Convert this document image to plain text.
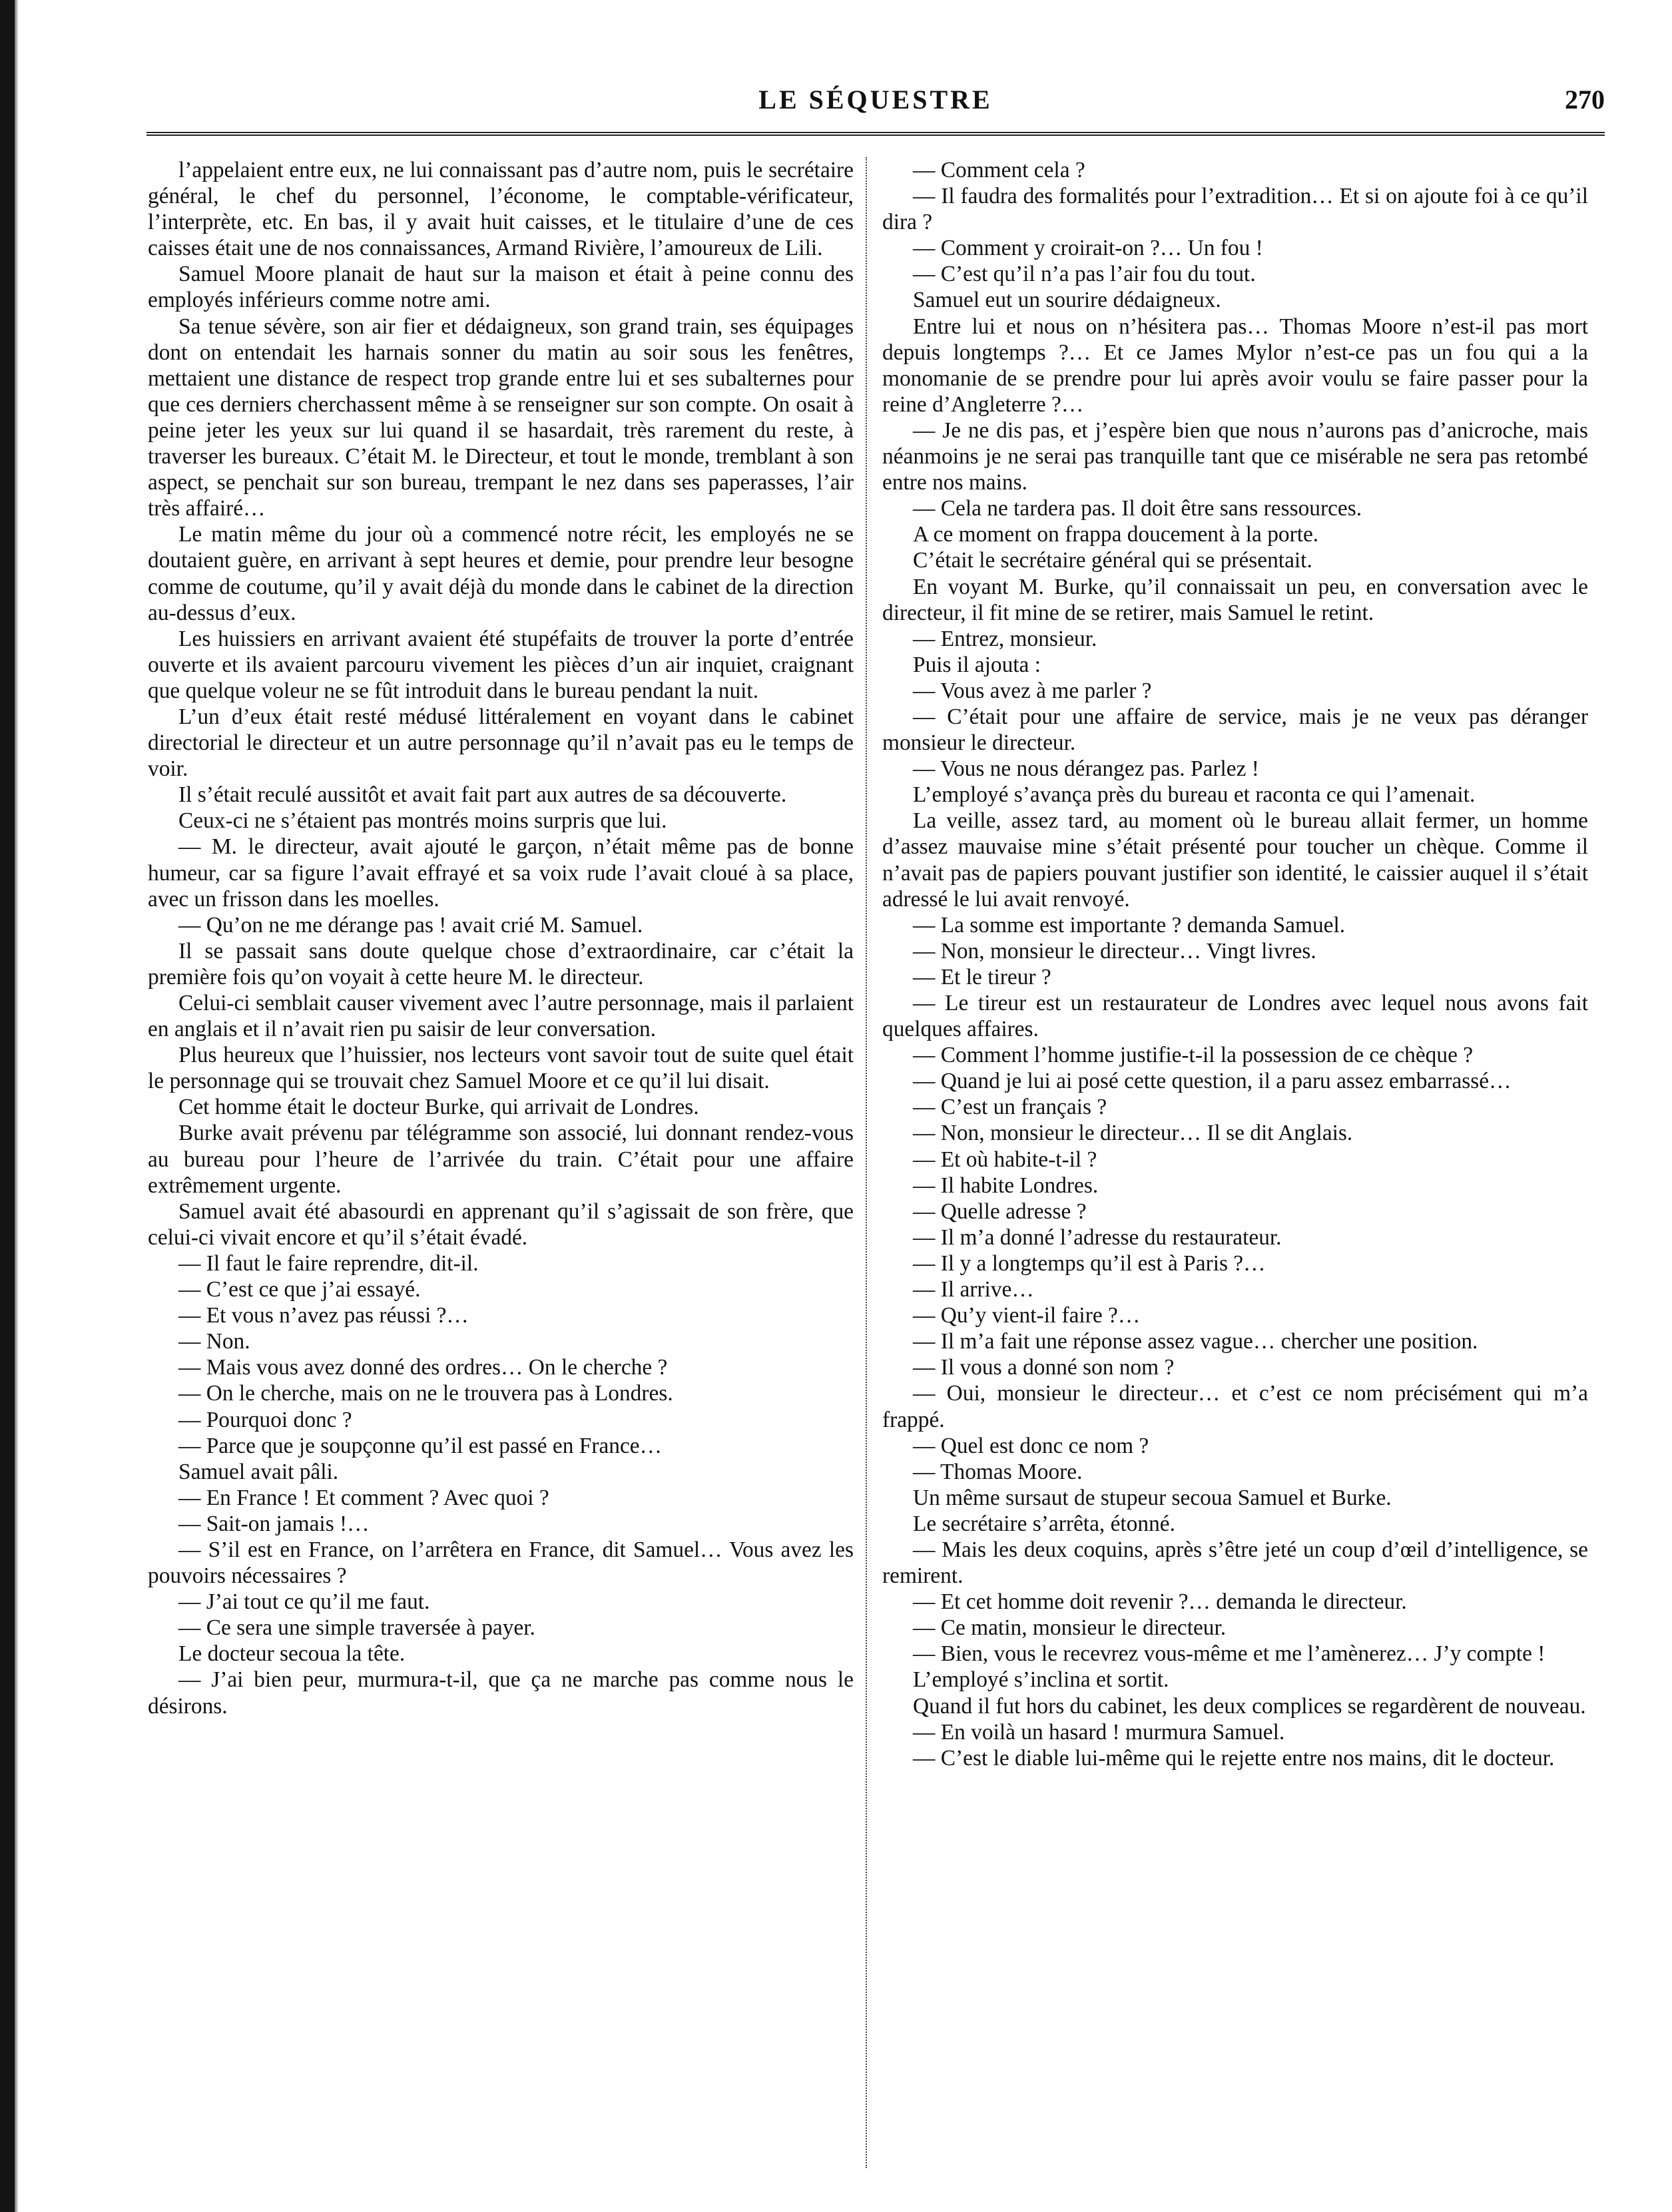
LE SÉQUESTRE	270

l’appelaient entre eux, ne lui connaissant pas d’autre nom, puis le secrétaire général, le chef du personnel, l’économe, le comptable-vérificateur, l’interprète, etc. En bas, il y avait huit caisses, et le titulaire d’une de ces caisses était une de nos connaissances, Armand Rivière, l’amoureux de Lili.

Samuel Moore planait de haut sur la maison et était à peine connu des employés inférieurs comme notre ami.

Sa tenue sévère, son air fier et dédaigneux, son grand train, ses équipages dont on entendait les harnais sonner du matin au soir sous les fenêtres, mettaient une distance de respect trop grande entre lui et ses subalternes pour que ces derniers cherchassent même à se renseigner sur son compte. On osait à peine jeter les yeux sur lui quand il se hasardait, très rarement du reste, à traverser les bureaux. C’était M. le Directeur, et tout le monde, tremblant à son aspect, se penchait sur son bureau, trempant le nez dans ses paperasses, l’air très affairé…

Le matin même du jour où a commencé notre récit, les employés ne se doutaient guère, en arrivant à sept heures et demie, pour prendre leur besogne comme de coutume, qu’il y avait déjà du monde dans le cabinet de la direction au-dessus d’eux.

Les huissiers en arrivant avaient été stupéfaits de trouver la porte d’entrée ouverte et ils avaient parcouru vivement les pièces d’un air inquiet, craignant que quelque voleur ne se fût introduit dans le bureau pendant la nuit.

L’un d’eux était resté médusé littéralement en voyant dans le cabinet directorial le directeur et un autre personnage qu’il n’avait pas eu le temps de voir.

Il s’était reculé aussitôt et avait fait part aux autres de sa découverte.

Ceux-ci ne s’étaient pas montrés moins surpris que lui.

— M. le directeur, avait ajouté le garçon, n’était même pas de bonne humeur, car sa figure l’avait effrayé et sa voix rude l’avait cloué à sa place, avec un frisson dans les moelles.

— Qu’on ne me dérange pas ! avait crié M. Samuel.

Il se passait sans doute quelque chose d’extraordinaire, car c’était la première fois qu’on voyait à cette heure M. le directeur.

Celui-ci semblait causer vivement avec l’autre personnage, mais il parlaient en anglais et il n’avait rien pu saisir de leur conversation.

Plus heureux que l’huissier, nos lecteurs vont savoir tout de suite quel était le personnage qui se trouvait chez Samuel Moore et ce qu’il lui disait.

Cet homme était le docteur Burke, qui arrivait de Londres.

Burke avait prévenu par télégramme son associé, lui donnant rendez-vous au bureau pour l’heure de l’arrivée du train. C’était pour une affaire extrêmement urgente.

Samuel avait été abasourdi en apprenant qu’il s’agissait de son frère, que celui-ci vivait encore et qu’il s’était évadé.

— Il faut le faire reprendre, dit-il.

— C’est ce que j’ai essayé.

— Et vous n’avez pas réussi ?…

— Non.

— Mais vous avez donné des ordres… On le cherche ?

— On le cherche, mais on ne le trouvera pas à Londres.

— Pourquoi donc ?

— Parce que je soupçonne qu’il est passé en France…

Samuel avait pâli.

— En France ! Et comment ? Avec quoi ?

— Sait-on jamais !…

— S’il est en France, on l’arrêtera en France, dit Samuel… Vous avez les pouvoirs nécessaires ?

— J’ai tout ce qu’il me faut.

— Ce sera une simple traversée à payer.

Le docteur secoua la tête.

— J’ai bien peur, murmura-t-il, que ça ne marche pas comme nous le désirons.

— Comment cela ?

— Il faudra des formalités pour l’extradition… Et si on ajoute foi à ce qu’il dira ?

— Comment y croirait-on ?… Un fou !

— C’est qu’il n’a pas l’air fou du tout.

Samuel eut un sourire dédaigneux.

Entre lui et nous on n’hésitera pas… Thomas Moore n’est-il pas mort depuis longtemps ?… Et ce James Mylor n’est-ce pas un fou qui a la monomanie de se prendre pour lui après avoir voulu se faire passer pour la reine d’Angleterre ?…

— Je ne dis pas, et j’espère bien que nous n’aurons pas d’anicroche, mais néanmoins je ne serai pas tranquille tant que ce misérable ne sera pas retombé entre nos mains.

— Cela ne tardera pas. Il doit être sans ressources.

A ce moment on frappa doucement à la porte.

C’était le secrétaire général qui se présentait.

En voyant M. Burke, qu’il connaissait un peu, en conversation avec le directeur, il fit mine de se retirer, mais Samuel le retint.

— Entrez, monsieur.

Puis il ajouta :

— Vous avez à me parler ?

— C’était pour une affaire de service, mais je ne veux pas déranger monsieur le directeur.

— Vous ne nous dérangez pas. Parlez !

L’employé s’avança près du bureau et raconta ce qui l’amenait.

La veille, assez tard, au moment où le bureau allait fermer, un homme d’assez mauvaise mine s’était présenté pour toucher un chèque. Comme il n’avait pas de papiers pouvant justifier son identité, le caissier auquel il s’était adressé le lui avait renvoyé.

— La somme est importante ? demanda Samuel.

— Non, monsieur le directeur… Vingt livres.

— Et le tireur ?

— Le tireur est un restaurateur de Londres avec lequel nous avons fait quelques affaires.

— Comment l’homme justifie-t-il la possession de ce chèque ?

— Quand je lui ai posé cette question, il a paru assez embarrassé…

— C’est un français ?

— Non, monsieur le directeur… Il se dit Anglais.

— Et où habite-t-il ?

— Il habite Londres.

— Quelle adresse ?

— Il m’a donné l’adresse du restaurateur.

— Il y a longtemps qu’il est à Paris ?…

— Il arrive…

— Qu’y vient-il faire ?…

— Il m’a fait une réponse assez vague… chercher une position.

— Il vous a donné son nom ?

— Oui, monsieur le directeur… et c’est ce nom précisément qui m’a frappé.

— Quel est donc ce nom ?

— Thomas Moore.

Un même sursaut de stupeur secoua Samuel et Burke.

Le secrétaire s’arrêta, étonné.

— Mais les deux coquins, après s’être jeté un coup d’œil d’intelligence, se remirent.

— Et cet homme doit revenir ?… demanda le directeur.

— Ce matin, monsieur le directeur.

— Bien, vous le recevrez vous-même et me l’amènerez… J’y compte !

L’employé s’inclina et sortit.

Quand il fut hors du cabinet, les deux complices se regardèrent de nouveau.

— En voilà un hasard ! murmura Samuel.

— C’est le diable lui-même qui le rejette entre nos mains, dit le docteur.
